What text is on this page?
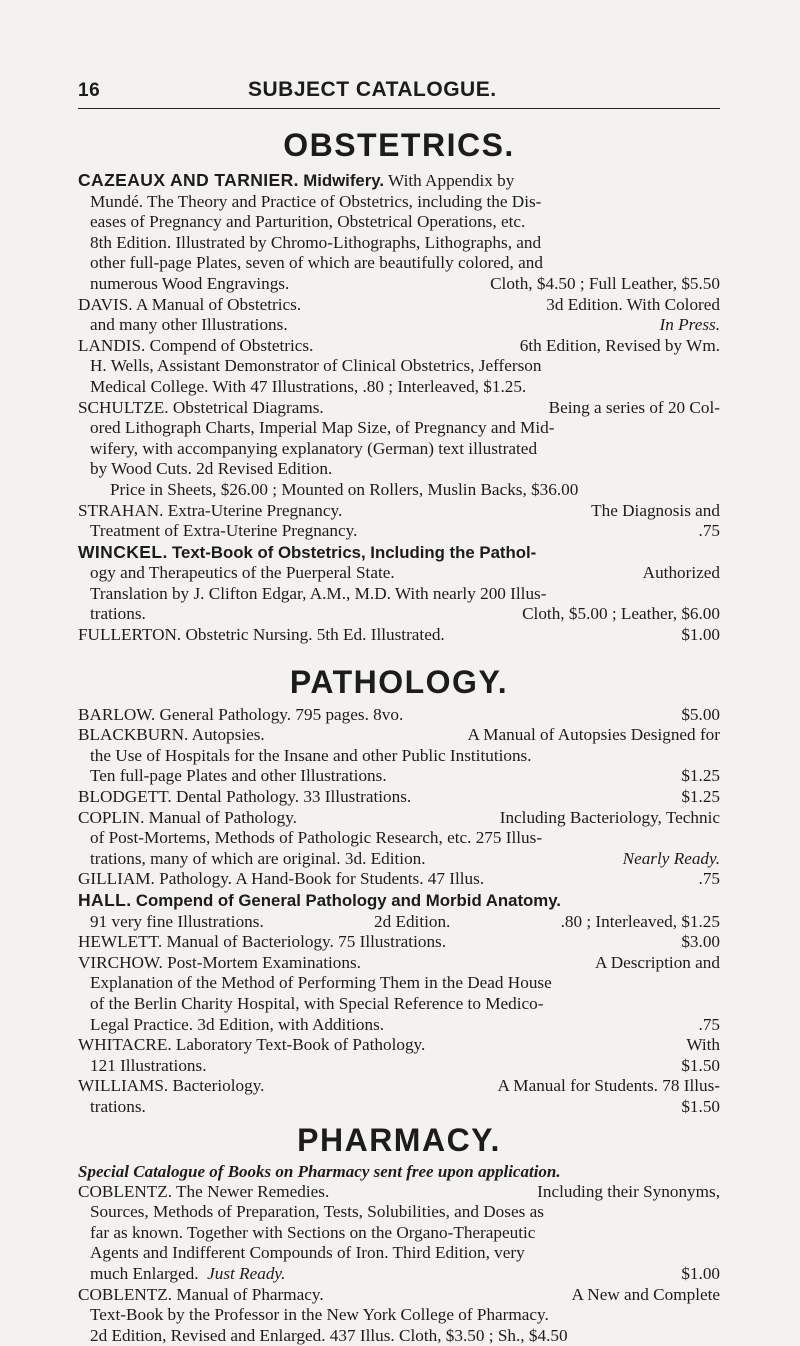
16	SUBJECT CATALOGUE.
OBSTETRICS.
CAZEAUX AND TARNIER. Midwifery. With Appendix by
Mundé. The Theory and Practice of Obstetrics, including the Dis-
eases of Pregnancy and Parturition, Obstetrical Operations, etc.
8th Edition. Illustrated by Chromo-Lithographs, Lithographs, and
other full-page Plates, seven of which are beautifully colored, and
numerous Wood Engravings.	Cloth, $4.50 ; Full Leather, $5.50
DAVIS. A Manual of Obstetrics.	3d Edition. With Colored
and many other Illustrations.	In Press.
LANDIS. Compend of Obstetrics.	6th Edition, Revised by Wm.
H. Wells, Assistant Demonstrator of Clinical Obstetrics, Jefferson
Medical College. With 47 Illustrations, .80 ; Interleaved, $1.25.
SCHULTZE. Obstetrical Diagrams.	Being a series of 20 Col-
ored Lithograph Charts, Imperial Map Size, of Pregnancy and Mid-
wifery, with accompanying explanatory (German) text illustrated
by Wood Cuts. 2d Revised Edition.
Price in Sheets, $26.00 ; Mounted on Rollers, Muslin Backs, $36.00
STRAHAN. Extra-Uterine Pregnancy.	The Diagnosis and
Treatment of Extra-Uterine Pregnancy.	.75
WINCKEL. Text-Book of Obstetrics, Including the Pathol-
ogy and Therapeutics of the Puerperal State.	Authorized
Translation by J. Clifton Edgar, A.M., M.D. With nearly 200 Illus-
trations.	Cloth, $5.00 ; Leather, $6.00
FULLERTON. Obstetric Nursing. 5th Ed. Illustrated.	$1.00
PATHOLOGY.
BARLOW. General Pathology. 795 pages. 8vo.	$5.00
BLACKBURN. Autopsies.	A Manual of Autopsies Designed for
the Use of Hospitals for the Insane and other Public Institutions.
Ten full-page Plates and other Illustrations.	$1.25
BLODGETT. Dental Pathology. 33 Illustrations.	$1.25
COPLIN. Manual of Pathology.	Including Bacteriology, Technic
of Post-Mortems, Methods of Pathologic Research, etc. 275 Illus-
trations, many of which are original. 3d. Edition.	Nearly Ready.
GILLIAM. Pathology. A Hand-Book for Students. 47 Illus.	.75
HALL. Compend of General Pathology and Morbid Anatomy.
91 very fine Illustrations.	2d Edition.	.80 ; Interleaved, $1.25
HEWLETT. Manual of Bacteriology. 75 Illustrations.	$3.00
VIRCHOW. Post-Mortem Examinations.	A Description and
Explanation of the Method of Performing Them in the Dead House
of the Berlin Charity Hospital, with Special Reference to Medico-
Legal Practice. 3d Edition, with Additions.	.75
WHITACRE. Laboratory Text-Book of Pathology.	With
121 Illustrations.	$1.50
WILLIAMS. Bacteriology.	A Manual for Students. 78 Illus-
trations.	$1.50
PHARMACY.
Special Catalogue of Books on Pharmacy sent free upon application.
COBLENTZ. The Newer Remedies.	Including their Synonyms,
Sources, Methods of Preparation, Tests, Solubilities, and Doses as
far as known. Together with Sections on the Organo-Therapeutic
Agents and Indifferent Compounds of Iron. Third Edition, very
much Enlarged. Just Ready.	$1.00
COBLENTZ. Manual of Pharmacy.	A New and Complete
Text-Book by the Professor in the New York College of Pharmacy.
2d Edition, Revised and Enlarged. 437 Illus. Cloth, $3.50 ; Sh., $4.50
